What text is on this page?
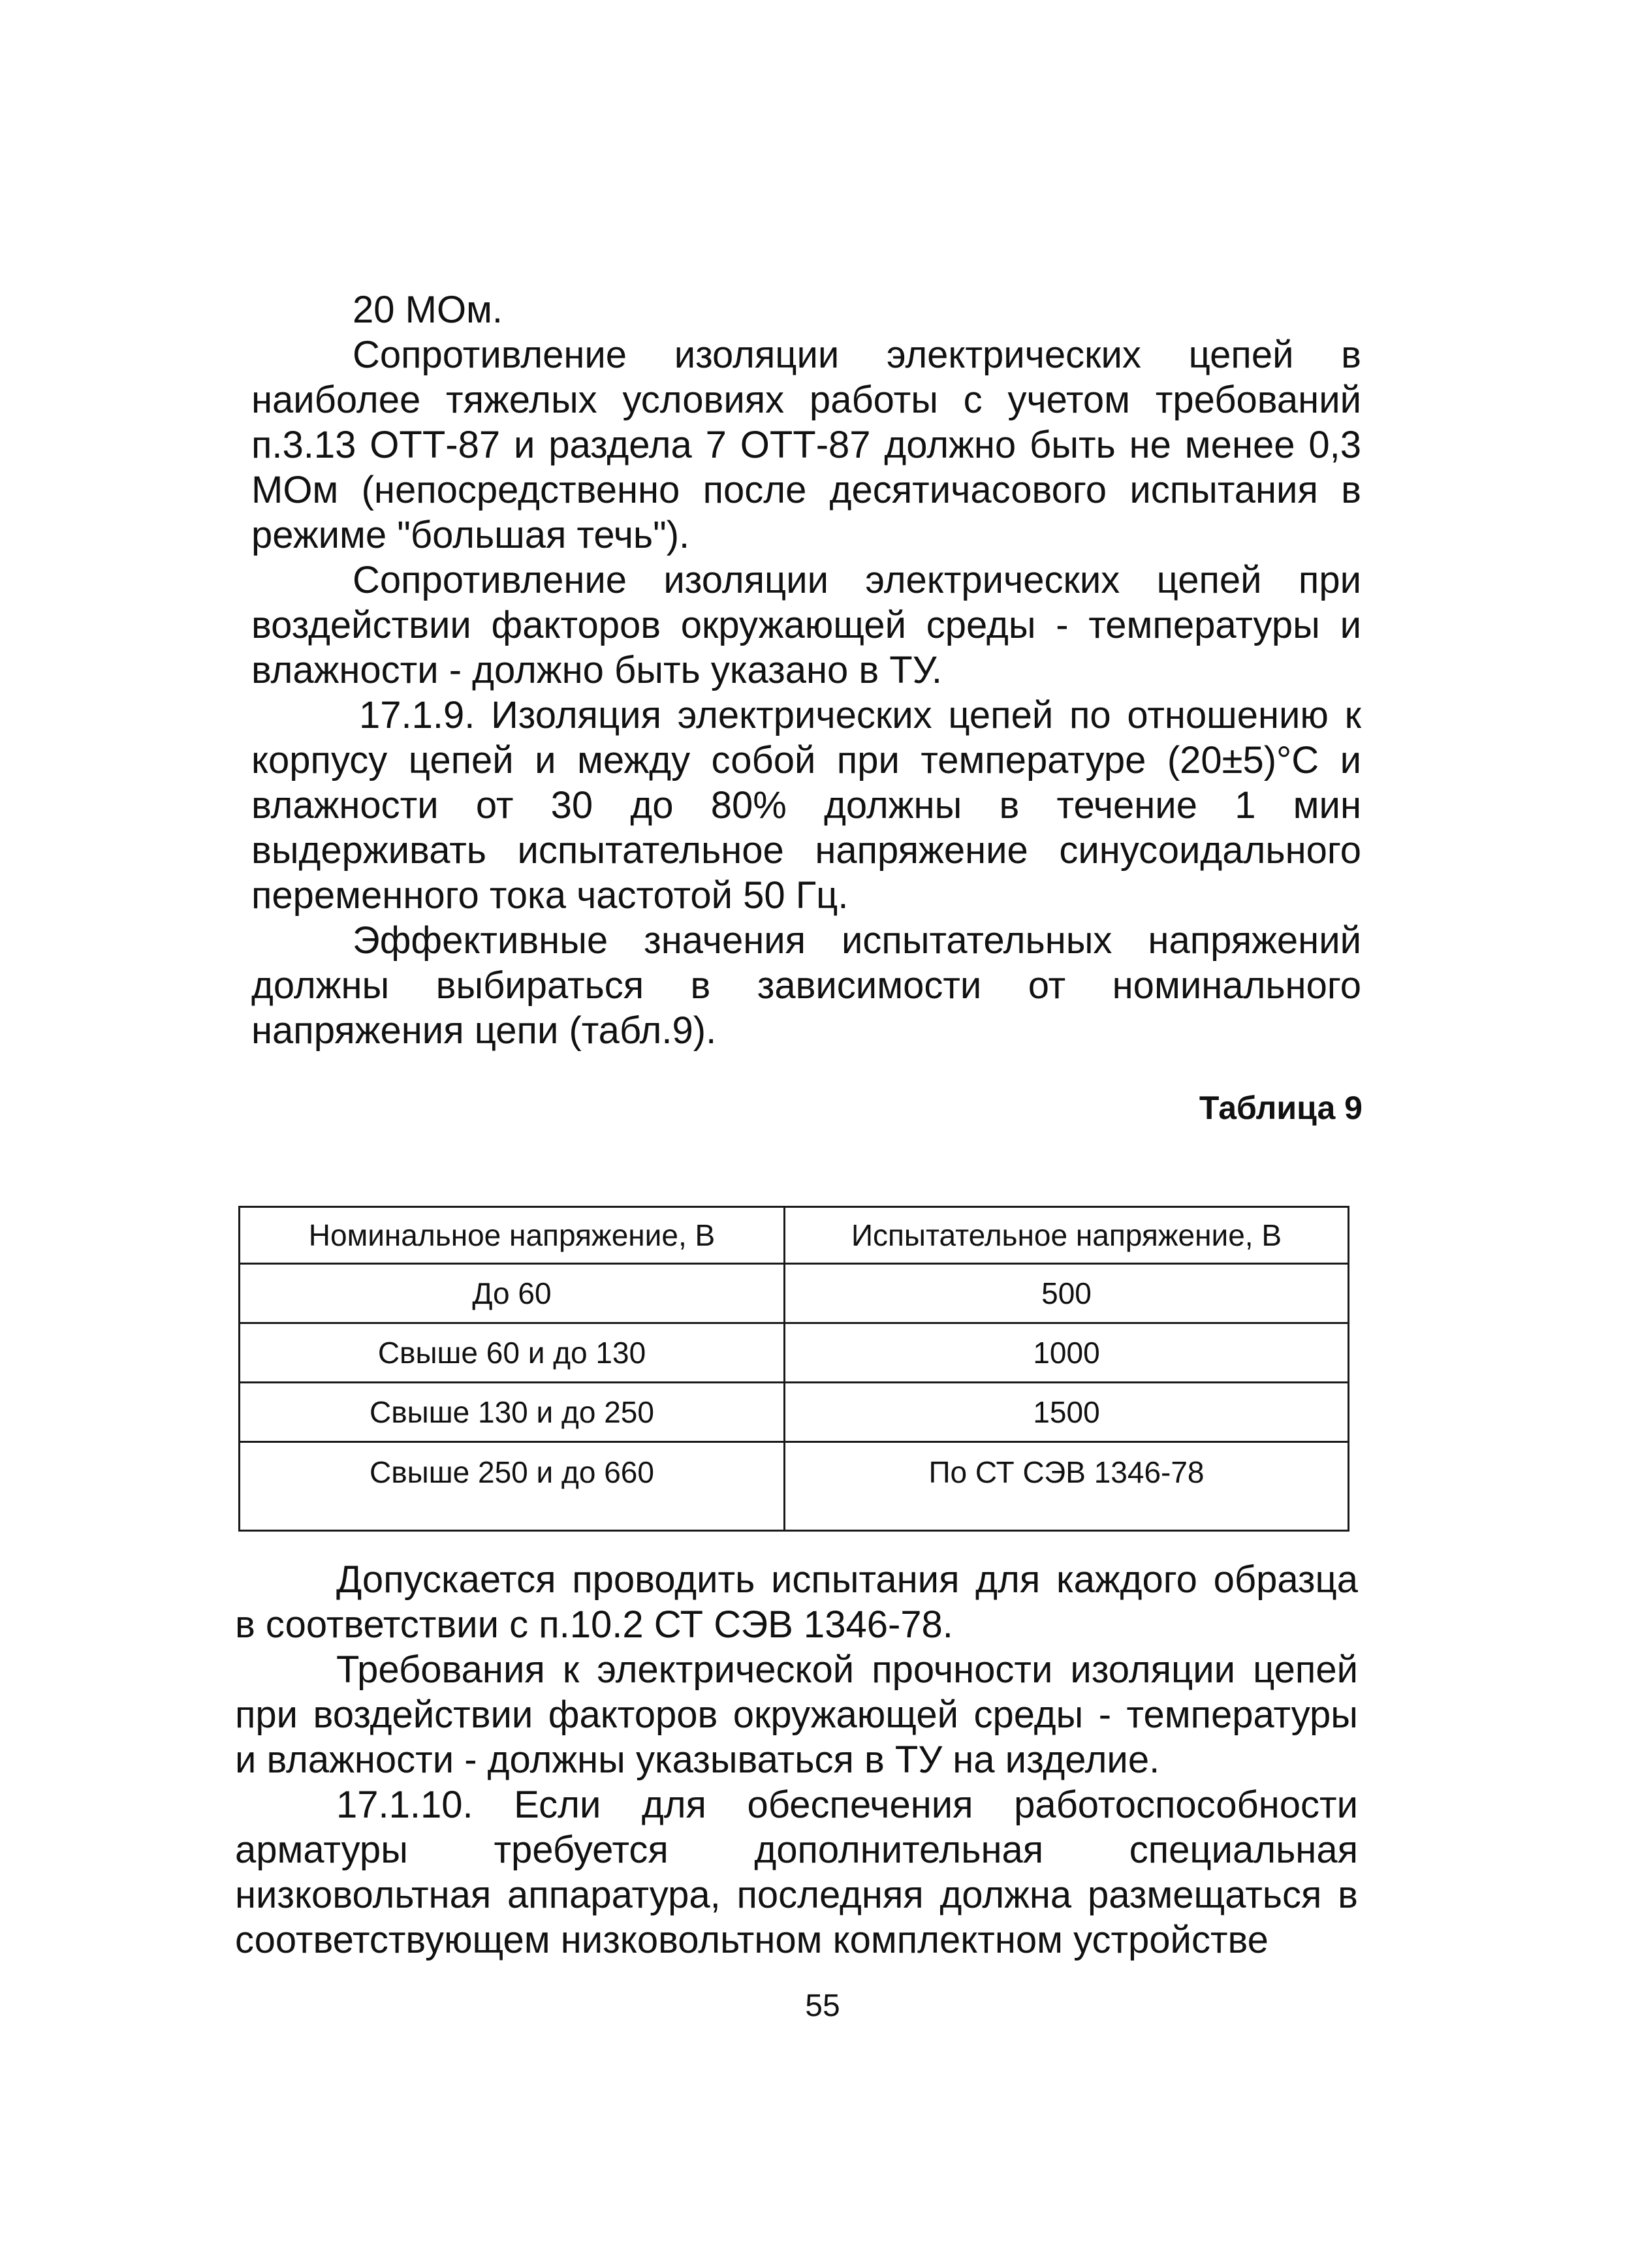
20 МОм.

Сопротивление изоляции электрических цепей в наиболее тяжелых условиях работы с учетом требований п.3.13 ОТТ-87 и раздела 7 ОТТ-87 должно быть не менее 0,3 МОм (непосредственно после десятичасового испытания в режиме "большая течь").

Сопротивление изоляции электрических цепей при воздействии факторов окружающей среды - температуры и влажности - должно быть указано в ТУ.

17.1.9. Изоляция электрических цепей по отношению к корпусу цепей и между собой при температуре (20±5)°С и влажности от 30 до 80% должны в течение 1 мин выдерживать испытательное напряжение синусоидального переменного тока частотой 50 Гц.

Эффективные значения испытательных напряжений должны выбираться в зависимости от номинального напряжения цепи (табл.9).

Таблица 9
Номинальное напряжение, В	Испытательное напряжение, В
До 60	500
Свыше 60 и до 130	1000
Свыше 130 и до 250	1500
Свыше 250 и до 660	По СТ СЭВ 1346-78

Допускается проводить испытания для каждого образца в соответствии с п.10.2 СТ СЭВ 1346-78.

Требования к электрической прочности изоляции цепей при воздействии факторов окружающей среды - температуры и влажности - должны указываться в ТУ на изделие.

17.1.10. Если для обеспечения работоспособности арматуры требуется дополнительная специальная низковольтная аппаратура, последняя должна размещаться в соответствующем низковольтном комплектном устройстве

55
